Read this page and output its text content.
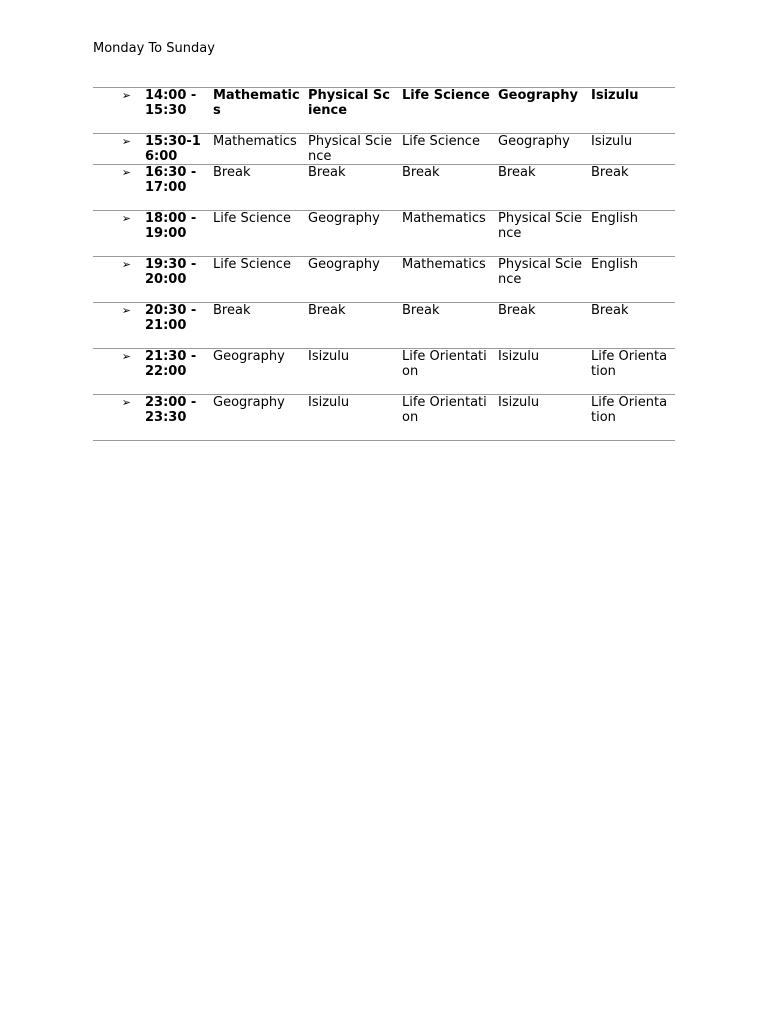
Monday To Sunday
➢	14:00 - 15:30	Mathematics	Physical Science	Life Science	Geography	Isizulu
➢	15:30-16:00	Mathematics	Physical Science	Life Science	Geography	Isizulu
➢	16:30 - 17:00	Break	Break	Break	Break	Break
➢	18:00 - 19:00	Life Science	Geography	Mathematics	Physical Science	English
➢	19:30 - 20:00	Life Science	Geography	Mathematics	Physical Science	English
➢	20:30 - 21:00	Break	Break	Break	Break	Break
➢	21:30 - 22:00	Geography	Isizulu	Life Orientation	Isizulu	Life Orientation
➢	23:00 - 23:30	Geography	Isizulu	Life Orientation	Isizulu	Life Orientation
